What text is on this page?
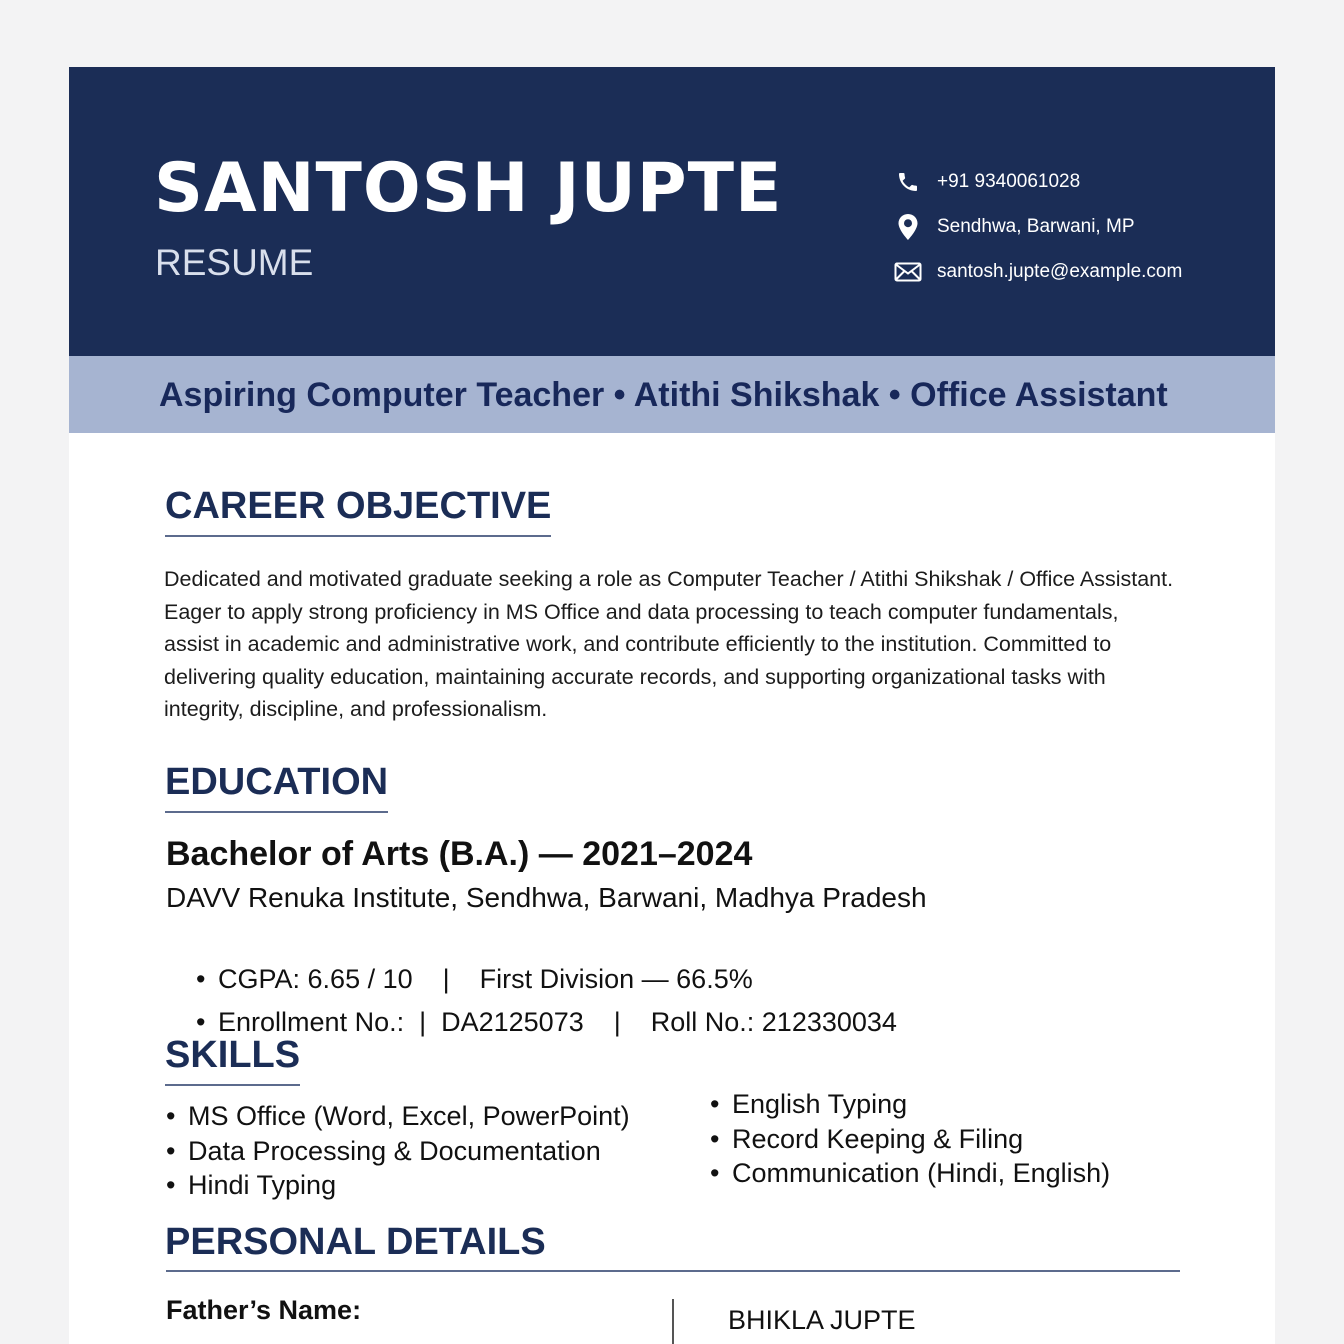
SANTOSH JUPTE
RESUME
+91 9340061028
Sendhwa, Barwani, MP
santosh.jupte@example.com
Aspiring Computer Teacher • Atithi Shikshak • Office Assistant
CAREER OBJECTIVE
Dedicated and motivated graduate seeking a role as Computer Teacher / Atithi Shikshak / Office Assistant.
Eager to apply strong proficiency in MS Office and data processing to teach computer fundamentals,
assist in academic and administrative work, and contribute efficiently to the institution. Committed to
delivering quality education, maintaining accurate records, and supporting organizational tasks with
integrity, discipline, and professionalism.
EDUCATION
Bachelor of Arts (B.A.) — 2021–2024
DAVV Renuka Institute, Sendhwa, Barwani, Madhya Pradesh

• CGPA: 6.65 / 10    |    First Division — 66.5%

• Enrollment No.:  |  DA2125073    |    Roll No.: 212330034

SKILLS
• MS Office (Word, Excel, PowerPoint)
• Data Processing & Documentation
• Hindi Typing
• English Typing
• Record Keeping & Filing
• Communication (Hindi, English)
PERSONAL DETAILS
Father’s Name:	BHIKLA JUPTE
